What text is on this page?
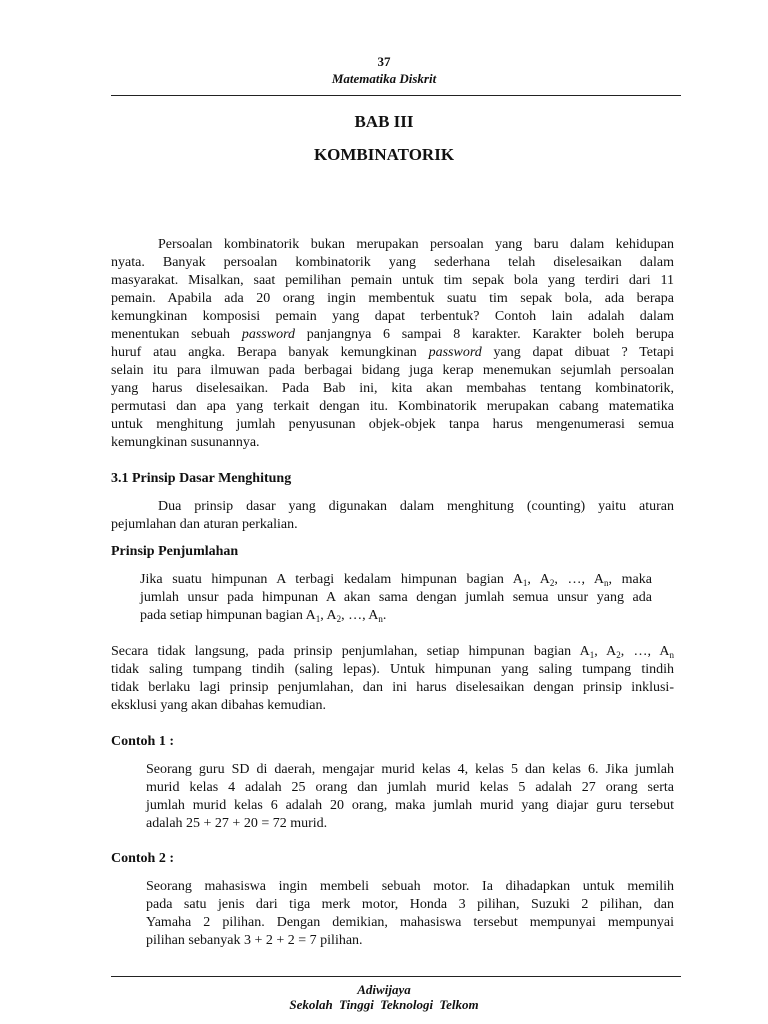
37
Matematika Diskrit
BAB III
KOMBINATORIK
Persoalan kombinatorik bukan merupakan persoalan yang baru dalam kehidupan
nyata. Banyak persoalan kombinatorik yang sederhana telah diselesaikan dalam
masyarakat. Misalkan, saat pemilihan pemain untuk tim sepak bola yang terdiri dari 11
pemain. Apabila ada 20 orang ingin membentuk suatu tim sepak bola, ada berapa
kemungkinan komposisi pemain yang dapat terbentuk? Contoh lain adalah dalam
menentukan sebuah password panjangnya 6 sampai 8 karakter. Karakter boleh berupa
huruf atau angka. Berapa banyak kemungkinan password yang dapat dibuat ? Tetapi
selain itu para ilmuwan pada berbagai bidang juga kerap menemukan sejumlah persoalan
yang harus diselesaikan. Pada Bab ini, kita akan membahas tentang kombinatorik,
permutasi dan apa yang terkait dengan itu. Kombinatorik merupakan cabang matematika
untuk menghitung jumlah penyusunan objek-objek tanpa harus mengenumerasi semua
kemungkinan susunannya.
3.1 Prinsip Dasar Menghitung
Dua prinsip dasar yang digunakan dalam menghitung (counting) yaitu aturan
pejumlahan dan aturan perkalian.
Prinsip Penjumlahan
Jika suatu himpunan A terbagi kedalam himpunan bagian $A_1$, $A_2$, …, $A_n$, maka
jumlah unsur pada himpunan A akan sama dengan jumlah semua unsur yang ada
pada setiap himpunan bagian $A_1$, $A_2$, …, $A_n$.
Secara tidak langsung, pada prinsip penjumlahan, setiap himpunan bagian $A_1$, $A_2$, …, $A_n$
tidak saling tumpang tindih (saling lepas). Untuk himpunan yang saling tumpang tindih
tidak berlaku lagi prinsip penjumlahan, dan ini harus diselesaikan dengan prinsip inklusi-
eksklusi yang akan dibahas kemudian.
Contoh 1 :
Seorang guru SD di daerah, mengajar murid kelas 4, kelas 5 dan kelas 6. Jika jumlah
murid kelas 4 adalah 25 orang dan jumlah murid kelas 5 adalah 27 orang serta
jumlah murid kelas 6 adalah 20 orang, maka jumlah murid yang diajar guru tersebut
adalah 25 + 27 + 20 = 72 murid.
Contoh 2 :
Seorang mahasiswa ingin membeli sebuah motor. Ia dihadapkan untuk memilih
pada satu jenis dari tiga merk motor, Honda 3 pilihan, Suzuki 2 pilihan, dan
Yamaha 2 pilihan. Dengan demikian, mahasiswa tersebut mempunyai mempunyai
pilihan sebanyak 3 + 2 + 2 = 7 pilihan.
Adiwijaya
Sekolah Tinggi Teknologi Telkom
